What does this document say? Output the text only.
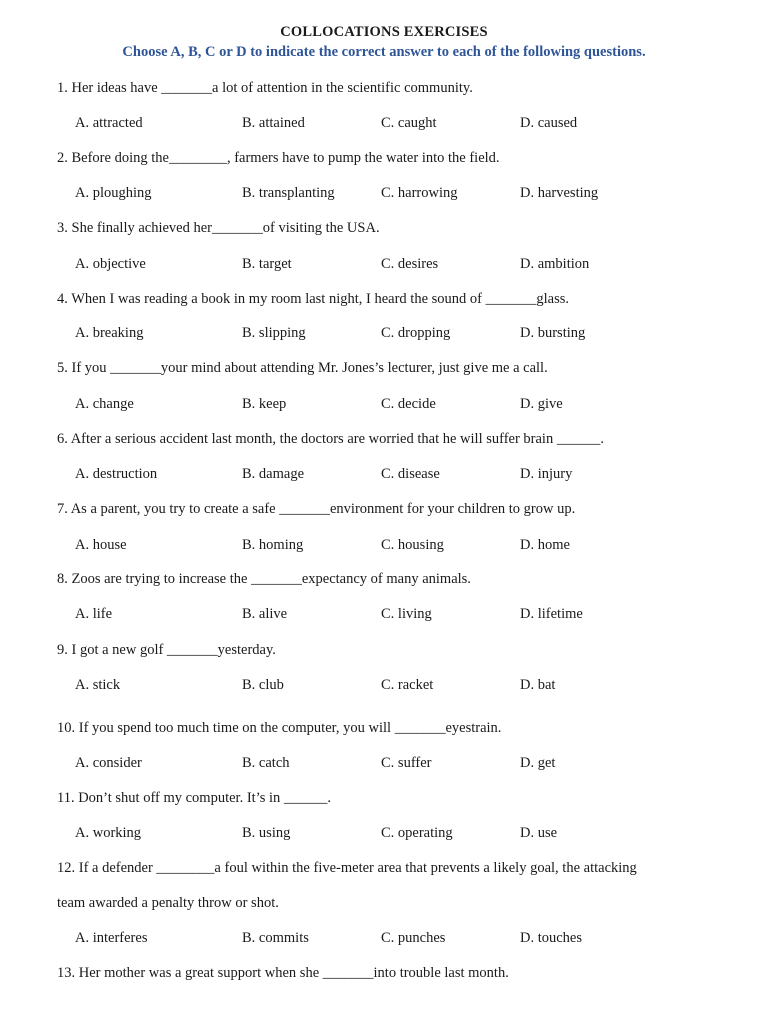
COLLOCATIONS EXERCISES
Choose A, B, C or D to indicate the correct answer to each of the following questions.
1. Her ideas have _______a lot of attention in the scientific community.
A. attracted	B. attained	C. caught	D. caused
2. Before doing the________, farmers have to pump the water into the field.
A. ploughing	B. transplanting	C. harrowing	D. harvesting
3. She finally achieved her_______of visiting the USA.
A. objective	B. target	C. desires	D. ambition
4. When I was reading a book in my room last night, I heard the sound of _______glass.
A. breaking	B. slipping	C. dropping	D. bursting
5. If you _______your mind about attending Mr. Jones’s lecturer, just give me a call.
A. change	B. keep	C. decide	D. give
6. After a serious accident last month, the doctors are worried that he will suffer brain ______.
A. destruction	B. damage	C. disease	D. injury
7. As a parent, you try to create a safe _______environment for your children to grow up.
A. house	B. homing	C. housing	D. home
8. Zoos are trying to increase the _______expectancy of many animals.
A. life	B. alive	C. living	D. lifetime
9. I got a new golf _______yesterday.
A. stick	B. club	C. racket	D. bat
10. If you spend too much time on the computer, you will _______eyestrain.
A. consider	B. catch	C. suffer	D. get
11. Don’t shut off my computer. It’s in ______.
A. working	B. using	C. operating	D. use
12. If a defender ________a foul within the five-meter area that prevents a likely goal, the attacking
team awarded a penalty throw or shot.
A. interferes	B. commits	C. punches	D. touches
13. Her mother was a great support when she _______into trouble last month.
